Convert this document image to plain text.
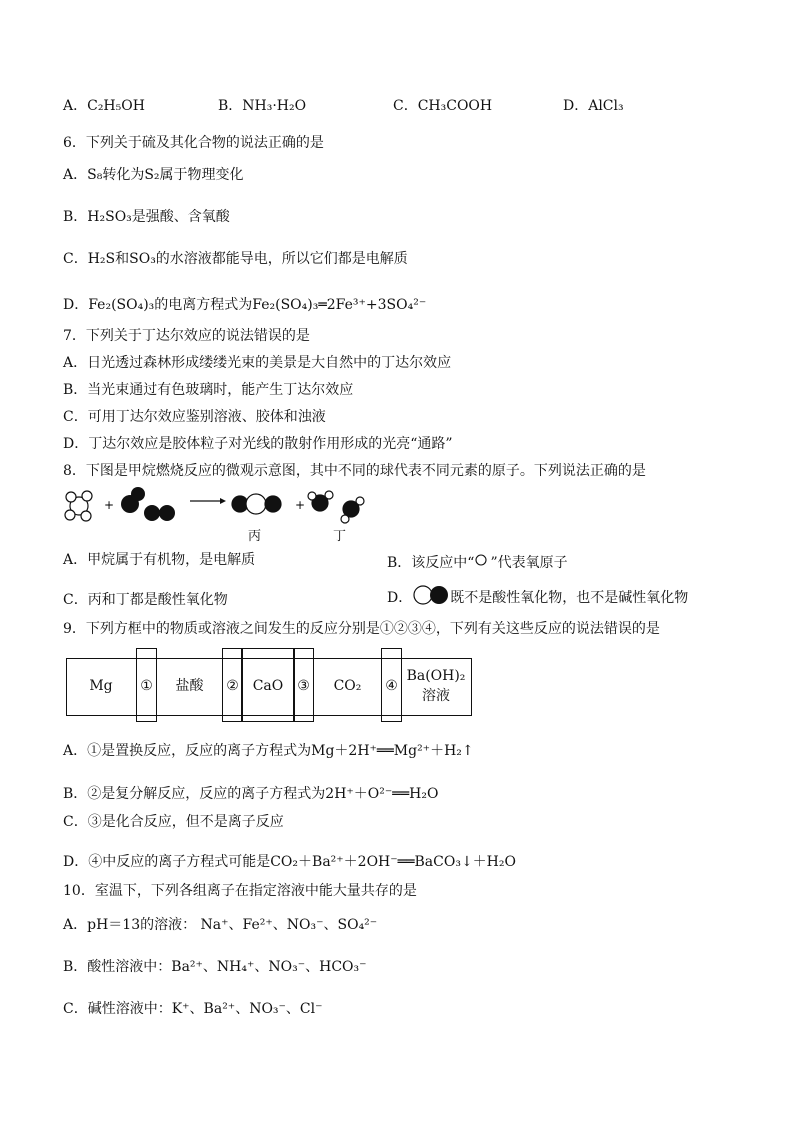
A．C₂H₅OH	B．NH₃·H₂O	C．CH₃COOH	D．AlCl₃
6．下列关于硫及其化合物的说法正确的是
A．S₈转化为S₂属于物理变化
B．H₂SO₃是强酸、含氧酸
C．H₂S和SO₃的水溶液都能导电，所以它们都是电解质
D．Fe₂(SO₄)₃的电离方程式为Fe₂(SO₄)₃═2Fe³⁺+3SO₄²⁻
7．下列关于丁达尔效应的说法错误的是
A．日光透过森林形成缕缕光束的美景是大自然中的丁达尔效应
B．当光束通过有色玻璃时，能产生丁达尔效应
C．可用丁达尔效应鉴别溶液、胶体和浊液
D．丁达尔效应是胶体粒子对光线的散射作用形成的光亮“通路”
8．下图是甲烷燃烧反应的微观示意图，其中不同的球代表不同元素的原子。下列说法正确的是
+	+
丙	丁
A．甲烷属于有机物，是电解质	B．该反应中“ ”代表氧原子
C．丙和丁都是酸性氧化物	D．	既不是酸性氧化物，也不是碱性氧化物
9．下列方框中的物质或溶液之间发生的反应分别是①②③④，下列有关这些反应的说法错误的是
Mg	①	盐酸	② CaO ③	CO₂	④
Ba(OH)₂
溶液
A．①是置换反应，反应的离子方程式为Mg＋2H⁺══Mg²⁺＋H₂↑
B．②是复分解反应，反应的离子方程式为2H⁺＋O²⁻══H₂O
C．③是化合反应，但不是离子反应
D．④中反应的离子方程式可能是CO₂＋Ba²⁺＋2OH⁻══BaCO₃↓＋H₂O
10．室温下，下列各组离子在指定溶液中能大量共存的是
A．pH＝13的溶液： Na⁺、Fe²⁺、NO₃⁻、SO₄²⁻
B．酸性溶液中：Ba²⁺、NH₄⁺、NO₃⁻、HCO₃⁻
C．碱性溶液中：K⁺、Ba²⁺、NO₃⁻、Cl⁻
